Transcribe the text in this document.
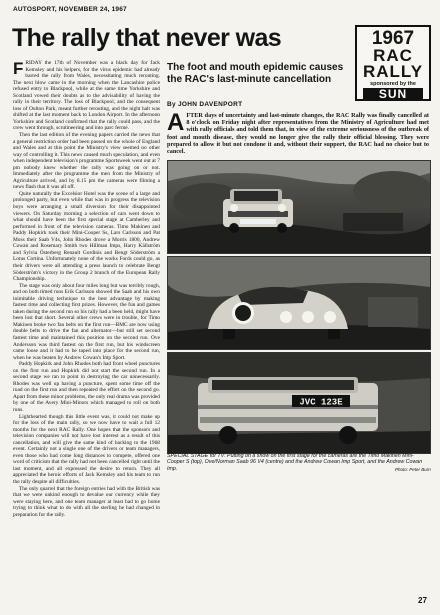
AUTOSPORT, NOVEMBER 24, 1967
The rally that never was	1967
RAC
RALLY
sponsored by the
SUN
The foot and mouth epidemic causes the RAC's last-minute cancellation
By JOHN DAVENPORT
AFTER days of uncertainty and last-minute changes, the RAC Rally was finally cancelled at 8 o'clock on Friday night after representatives from the Ministry of Agriculture had met with rally officials and told them that, in view of the extreme seriousness of the outbreak of foot and mouth disease, they would no longer give the rally their official blessing. They were prepared to allow it but not condone it and, without their support, the RAC had no choice but to cancel.

FRIDAY the 17th of November was a black day for Jack Kemsley and his helpers, for the virus epidemic had already barred the rally from Wales, necessitating much rerouting. The next blow came in the morning when the Lancashire police refused entry to Blackpool, while at the same time Yorkshire and Scotland vowed their doubts as to the advisability of having the rally in their territory. The loss of Blackpool, and the consequent loss of Oulton Park, meant further rerouting, and the night halt was shifted at the last moment back to London Airport. In the afternoon Yorkshire and Scotland confirmed that the rally could pass, and the crew went through, scrutineering and into parc fermé.

Then the last edition of the evening papers carried the news that a general restriction order had been passed on the whole of England and Wales and at this point the Ministry's view seemed no other way of controlling it. This news caused much speculation, and even when independent television's programme Sportsweek went out at 7 pm nobody knew whether the rally was going on or not. Immediately after the programme the men from the Ministry of Agriculture arrived, and by 8.15 pm the cameras were filming a news flash that it was all off.

Quite naturally the Excelsior Hotel was the scene of a large and prolonged party, but even while that was in progress the television boys were arranging a small diversion for their disappointed viewers. On Saturday morning a selection of cars went down to what should have been the first special stage at Camberley and performed in front of the television cameras. Timo Makinen and Paddy Hopkirk took their Mini-Cooper Ss, Lars Carlsson and Pat Moss their Saab V4s, John Rhodes drove a Morris 1800, Andrew Cowan and Rosemary Smith two Hillman Imps, Harry Källström and Sylvia Österberg Renault Gordinis and Bengt Söderström a Lotus Cortina. Unfortunately none of the works Fords could go, as their drivers were all attending a press launch to celebrate Bengt Söderström's victory in the Group 2 branch of the European Rally Championship.

The stage was only about four miles long but was terribly rough, and on both timed runs Erik Carlsson showed the Saab and his own inimitable driving technique to the best advantage by making fastest time and collecting first prizes. However, the fun and games taken during the second run so his rally had a been held, might have been lost that short. Several other crews were in trouble, for Timo Makinen broke two fan belts on the first run—BMC are now using double belts to drive the fan and alternator—but still set second fastest time and maintained this position on the second run. Ove Andersson was third fastest on the first run, but his windscreen came loose and it had to be taped into place for the second run, when he was beaten by Andrew Cowan's Imp Sport.

Paddy Hopkirk and John Rhodes both had front wheel punctures on the first run and Hopkirk did not start the second run. In a second stage we ran to point in destroying the car unnecessarily. Rhodes was well up having a puncture, spent some time off the road on the first run and then repeated the effort on the second go. Apart from these minor problems, the only real drama was provided by one of the Avery Mini-Minors which managed to roll on both runs.

Lighthearted though this little event was, it could not make up for the loss of the main rally, so we now have to wait a full 12 months for the next RAC Rally. One hopes that the sponsors and television companies will not have lost interest as a result of this cancellation, and will give the same kind of backing to the 1968 event. Certainly not a single one of the drivers or team managers, even those who had come long distances to compete, offered one word of criticism that the rally had not been cancelled right until the last moment, and all expressed the desire to return. They all appreciated the heroic efforts of Jack Kemsley and his team to run the rally despite all difficulties.

The only quarrel that the foreign entries had with the British was that we were unkind enough to devalue our currency while they were staying here, and one team manager at least had to go home trying to think what to do with all the sterling he had changed in preparation for the rally.

JVC 123E
SPECIAL STAGE for TV: Putting on a show on the first stage for the cameras are the Timo Makinen Mini-Cooper S (top), Ove/Norman Saab 96 V4 (centre) and the Andrew Cowan Imp Sport, and the Andrew Cowan Imp.	Photo: Peter Burn
27
